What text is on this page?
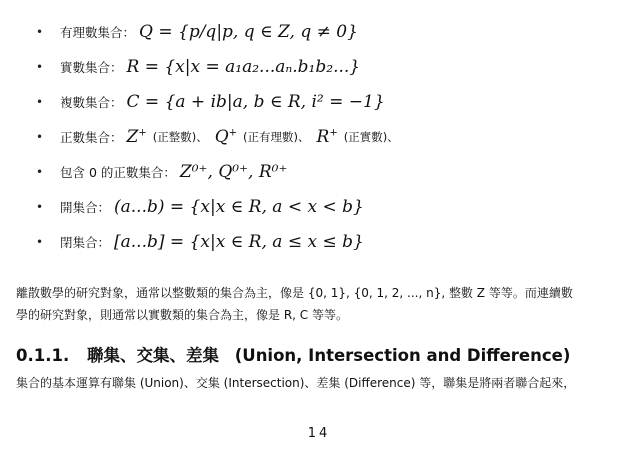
•	有理數集合： Q = {p/q|p, q ∈ Z, q ≠ 0}
•	實數集合： R = {x|x = a₁a₂...aₙ.b₁b₂...}
•	複數集合： C = {a + ib|a, b ∈ R, i² = −1}
•	正數集合： Z+ (正整數)、 Q+ (正有理數)、 R+ (正實數)、
•	包含 0 的正數集合： Z⁰⁺, Q⁰⁺, R⁰⁺
•	開集合： (a...b) = {x|x ∈ R, a < x < b}
•	閉集合： [a...b] = {x|x ∈ R, a ≤ x ≤ b}
離散數學的研究對象，通常以整數類的集合為主，像是 {0, 1}, {0, 1, 2, ..., n}, 整數 Z 等等。而連續數
學的研究對象，則通常以實數類的集合為主，像是 R, C 等等。
0.1.1. 聯集、交集、差集 (Union, Intersection and Difference)
集合的基本運算有聯集 (Union)、交集 (Intersection)、差集 (Difference) 等，聯集是將兩者聯合起來，
14
